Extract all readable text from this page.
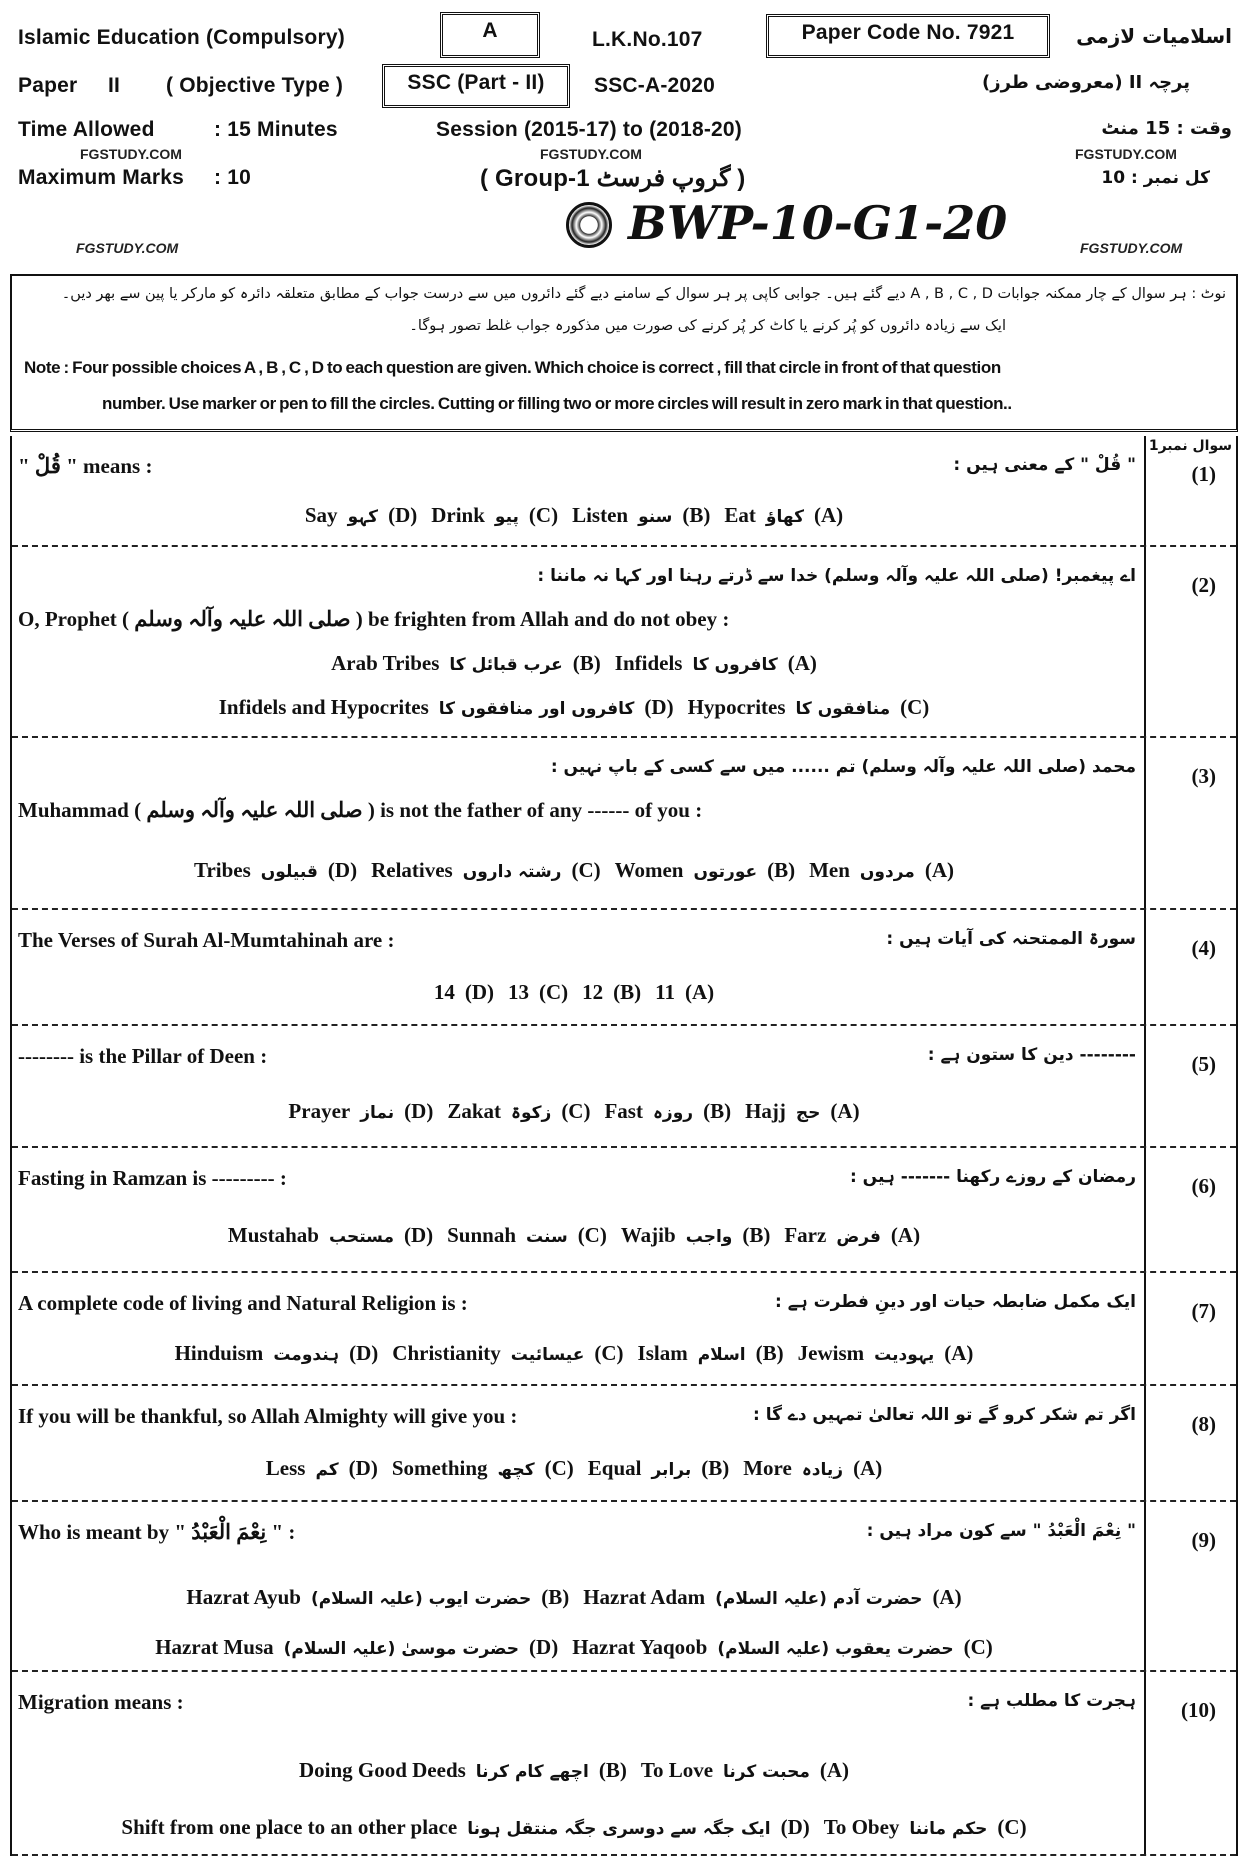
Islamic Education (Compulsory)	A	L.K.No.107	Paper Code No. 7921	اسلامیات لازمی
Paper II ( Objective Type )	SSC (Part - II)	SSC-A-2020	پرچہ II (معروضی طرز)
Time Allowed	: 15 Minutes	Session (2015-17) to (2018-20)	وقت : 15 منٹ
FGSTUDY.COM	FGSTUDY.COM	FGSTUDY.COM
Maximum Marks : 10	( Group-1 گروپ فرسٹ )	کل نمبر : 10
FGSTUDY.COM	BWP-10-G1-20	FGSTUDY.COM
نوٹ : ہر سوال کے چار ممکنہ جوابات A , B , C , D دیے گئے ہیں۔ جوابی کاپی پر ہر سوال کے سامنے دیے گئے دائروں میں سے درست جواب کے مطابق متعلقہ دائرہ کو مارکر یا پین سے بھر دیں۔
ایک سے زیادہ دائروں کو پُر کرنے یا کاٹ کر پُر کرنے کی صورت میں مذکورہ جواب غلط تصور ہوگا۔
Note : Four possible choices A , B , C , D to each question are given. Which choice is correct , fill that circle in front of that question
number. Use marker or pen to fill the circles. Cutting or filling two or more circles will result in zero mark in that question..
سوال نمبر1
(1)
" قُلْ " means :	" قُلْ " کے معنی ہیں :
Say کہو (D) Drink پیو (C) Listen سنو (B) Eat کھاؤ (A)
(2)
O, Prophet ( صلی اللہ علیہ وآلہ وسلم ) be frighten from Allah and do not obey :
اے پیغمبر! (صلی اللہ علیہ وآلہ وسلم) خدا سے ڈرتے رہنا اور کہا نہ ماننا :
Arab Tribes عرب قبائل کا (B) Infidels کافروں کا (A)
Infidels and Hypocrites کافروں اور منافقوں کا (D) Hypocrites منافقوں کا (C)
(3)
Muhammad ( صلی اللہ علیہ وآلہ وسلم ) is not the father of any ------ of you :
محمد (صلی اللہ علیہ وآلہ وسلم) تم ...... میں سے کسی کے باپ نہیں :
Tribes قبیلوں (D) Relatives رشتہ داروں (C) Women عورتوں (B) Men مردوں (A)
(4)
The Verses of Surah Al-Mumtahinah are :	سورۃ الممتحنہ کی آیات ہیں :
14 (D) 13 (C) 12 (B) 11 (A)
(5)
-------- is the Pillar of Deen :	-------- دین کا ستون ہے :
Prayer نماز (D) Zakat زکوۃ (C) Fast روزہ (B) Hajj حج (A)
(6)
Fasting in Ramzan is --------- :	رمضان کے روزے رکھنا ------- ہیں :
Mustahab مستحب (D) Sunnah سنت (C) Wajib واجب (B) Farz فرض (A)
(7)
A complete code of living and Natural Religion is :	ایک مکمل ضابطہ حیات اور دینِ فطرت ہے :
Hinduism ہندومت (D) Christianity عیسائیت (C) Islam اسلام (B) Jewism یہودیت (A)
(8)
If you will be thankful, so Allah Almighty will give you :	اگر تم شکر کرو گے تو اللہ تعالیٰ تمہیں دے گا :
Less کم (D) Something کچھ (C) Equal برابر (B) More زیادہ (A)
(9)
Who is meant by " نِعْمَ الْعَبْدُ " :	" نِعْمَ الْعَبْدُ " سے کون مراد ہیں :
Hazrat Ayub (علیہ السلام) حضرت ایوب (B) Hazrat Adam (علیہ السلام) حضرت آدم (A)
Hazrat Musa (علیہ السلام) حضرت موسیٰ (D) Hazrat Yaqoob (علیہ السلام) حضرت یعقوب (C)
(10)
Migration means :	ہجرت کا مطلب ہے :
Doing Good Deeds اچھے کام کرنا (B) To Love محبت کرنا (A)
Shift from one place to an other place ایک جگہ سے دوسری جگہ منتقل ہونا (D) To Obey حکم ماننا (C)
